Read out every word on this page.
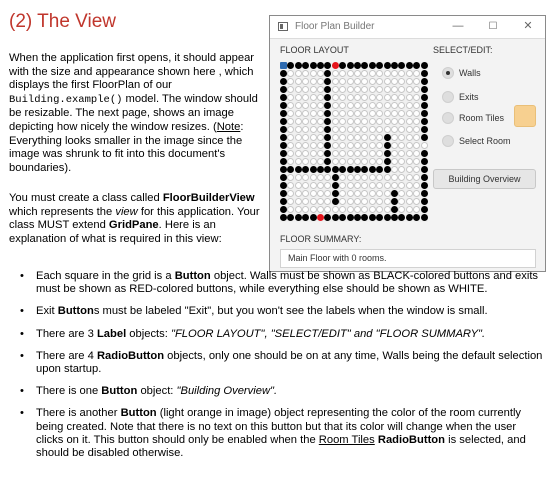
(2) The View

When the application first opens, it should appear with the size and appearance shown here , which displays the first FloorPlan of our Building.example() model. The window should be resizable. The next page, shows an image depicting how nicely the window resizes. (Note: Everything looks smaller in the image since the image was shrunk to fit into this document's boundaries).

You must create a class called FloorBuilderView which represents the view for this application. Your class MUST extend GridPane. Here is an explanation of what is required in this view:

Floor Plan Builder	—	☐	✕
FLOOR LAYOUT	SELECT/EDIT:
Walls
Exits
Room Tiles
Select Room
Building Overview
FLOOR SUMMARY:
Main Floor with 0 rooms.
• Each square in the grid is a Button object. Walls must be shown as BLACK-colored buttons and exits must be shown as RED-colored buttons, while everything else should be shown as WHITE.
• Exit Buttons must be labeled "Exit", but you won't see the labels when the window is small.
• There are 3 Label objects: "FLOOR LAYOUT", "SELECT/EDIT" and "FLOOR SUMMARY".
• There are 4 RadioButton objects, only one should be on at any time, Walls being the default selection upon startup.
• There is one Button object: "Building Overview".
• There is another Button (light orange in image) object representing the color of the room currently being created. Note that there is no text on this button but that its color will change when the user clicks on it. This button should only be enabled when the Room Tiles RadioButton is selected, and should be disabled otherwise.
